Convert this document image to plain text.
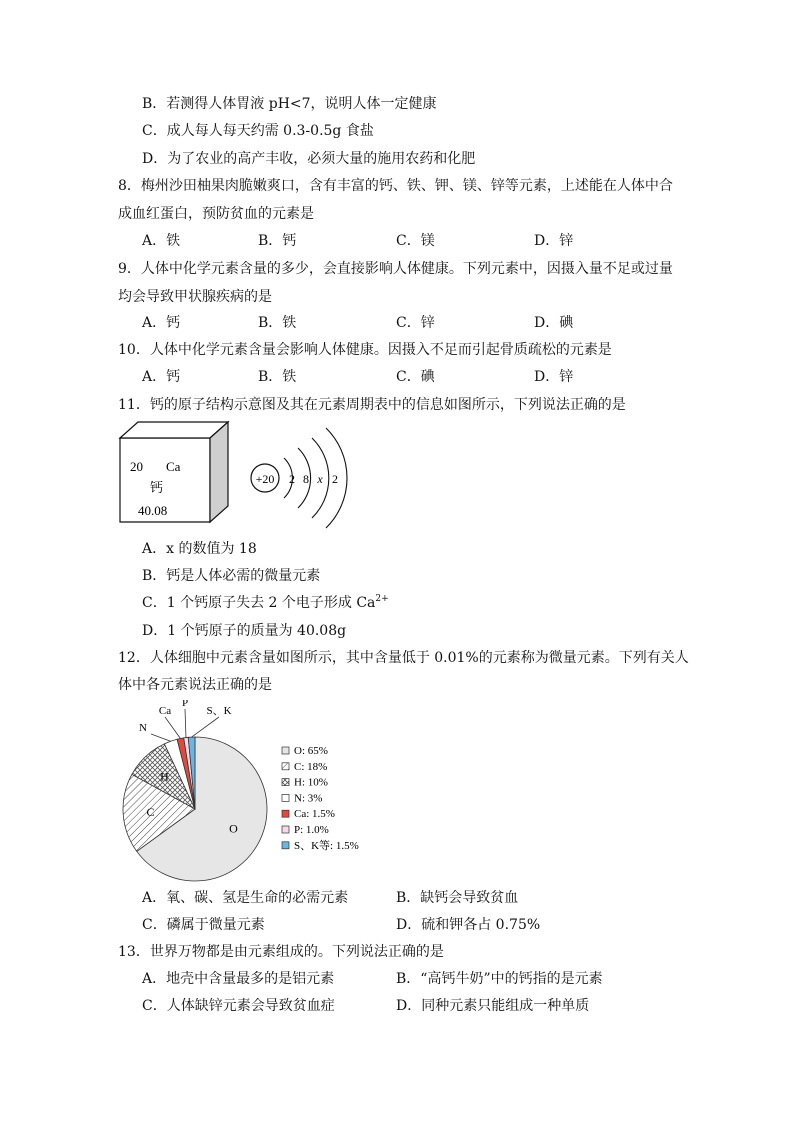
B．若测得人体胃液 pH<7，说明人体一定健康
C．成人每人每天约需 0.3-0.5g 食盐
D．为了农业的高产丰收，必须大量的施用农药和化肥
8．梅州沙田柚果肉脆嫩爽口，含有丰富的钙、铁、钾、镁、锌等元素，上述能在人体中合
成血红蛋白，预防贫血的元素是
A．铁	B．钙	C．镁	D．锌
9．人体中化学元素含量的多少，会直接影响人体健康。下列元素中，因摄入量不足或过量
均会导致甲状腺疾病的是
A．钙	B．铁	C．锌	D．碘
10．人体中化学元素含量会影响人体健康。因摄入不足而引起骨质疏松的元素是
A．钙	B．铁	C．碘	D．锌
11．钙的原子结构示意图及其在元素周期表中的信息如图所示，下列说法正确的是
20 Ca
钙
40.08
+20 2 8 x 2
A．x 的数值为 18
B．钙是人体必需的微量元素
C．1 个钙原子失去 2 个电子形成 $Ca^{2+}$
D．1 个钙原子的质量为 40.08g
12．人体细胞中元素含量如图所示，其中含量低于 0.01%的元素称为微量元素。下列有关人
体中各元素说法正确的是
O
C
H
N
Ca
P
S、K
O: 65%
C: 18%
H: 10%
N: 3%
Ca: 1.5%
P: 1.0%
S、K等: 1.5%
A．氧、碳、氢是生命的必需元素	B．缺钙会导致贫血
C．磷属于微量元素	D．硫和钾各占 0.75%
13．世界万物都是由元素组成的。下列说法正确的是
A．地壳中含量最多的是铝元素	B．“高钙牛奶”中的钙指的是元素
C．人体缺锌元素会导致贫血症	D．同种元素只能组成一种单质
